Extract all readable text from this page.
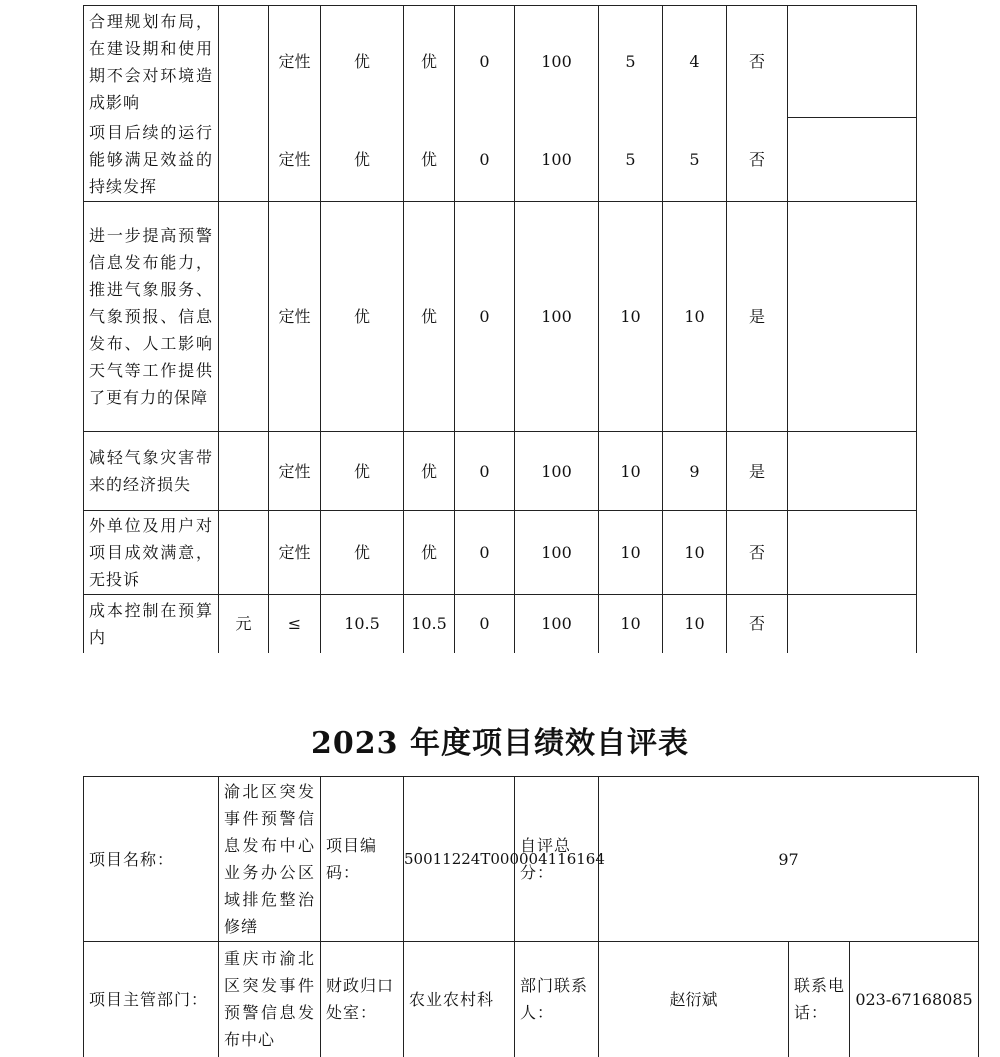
合理规划布局，在建设期和使用期不会对环境造成影响		定性	优	优	0	100	5	4	否	
项目后续的运行能够满足效益的持续发挥		定性	优	优	0	100	5	5	否	
进一步提高预警信息发布能力，推进气象服务、气象预报、信息发布、人工影响天气等工作提供了更有力的保障		定性	优	优	0	100	10	10	是	
减轻气象灾害带来的经济损失		定性	优	优	0	100	10	9	是	
外单位及用户对项目成效满意，无投诉		定性	优	优	0	100	10	10	否	
成本控制在预算内	元	≤	10.5	10.5	0	100	10	10	否	
2023 年度项目绩效自评表
项目名称：	渝北区突发事件预警信息发布中心业务办公区域排危整治修缮	项目编码：	50011224T000004116164	自评总分：	97		
项目主管部门：	重庆市渝北区突发事件预警信息发布中心	财政归口处室：	农业农村科	部门联系人：	赵衍斌	联系电话：	023-67168085
